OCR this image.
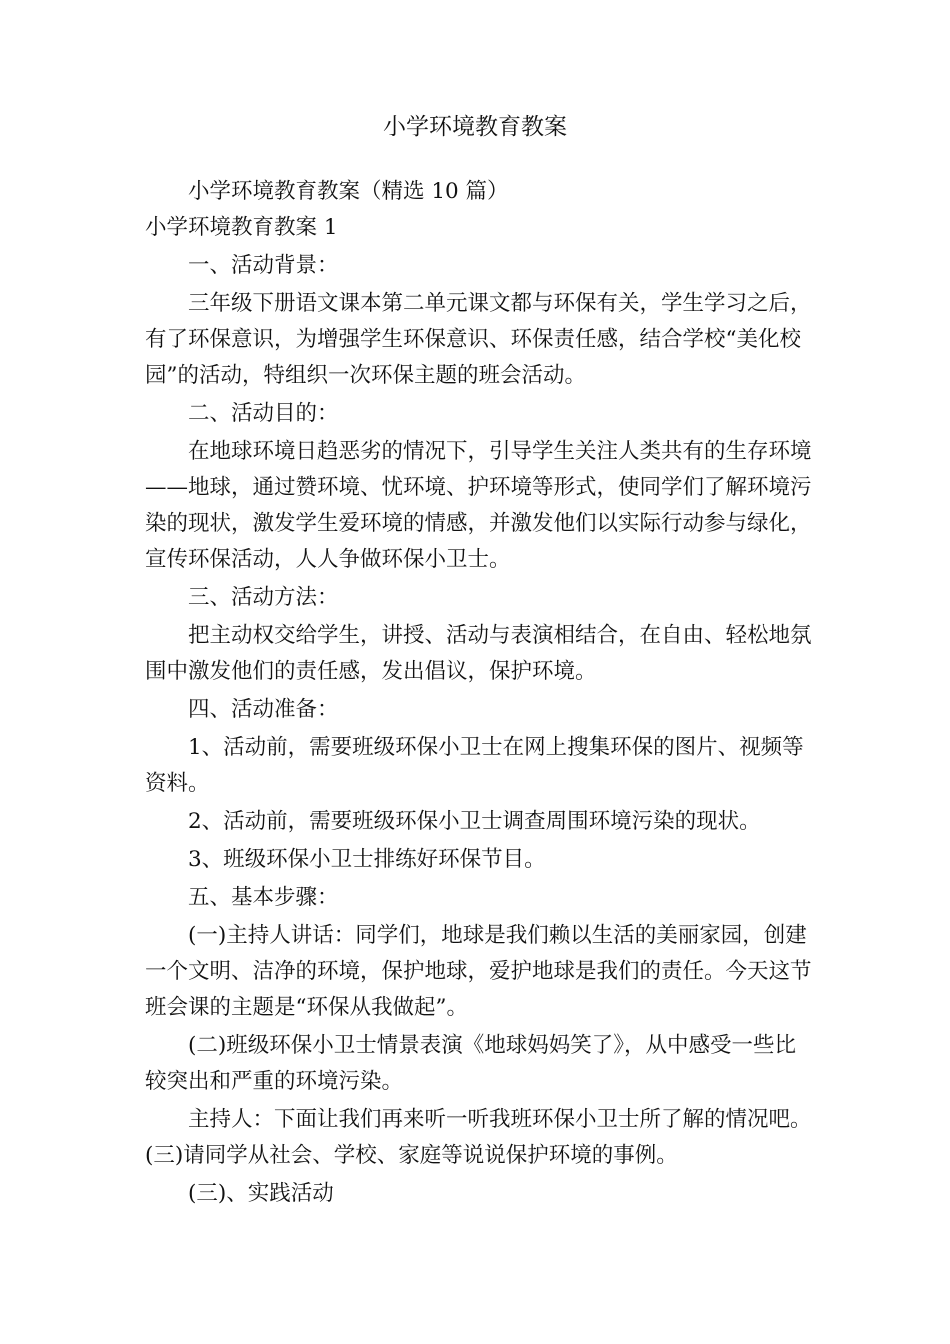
小学环境教育教案

小学环境教育教案（精选 10 篇）

小学环境教育教案 1

一、活动背景：

三年级下册语文课本第二单元课文都与环保有关，学生学习之后，有了环保意识，为增强学生环保意识、环保责任感，结合学校“美化校园”的活动，特组织一次环保主题的班会活动。

二、活动目的：

在地球环境日趋恶劣的情况下，引导学生关注人类共有的生存环境——地球，通过赞环境、忧环境、护环境等形式，使同学们了解环境污染的现状，激发学生爱环境的情感，并激发他们以实际行动参与绿化，宣传环保活动，人人争做环保小卫士。

三、活动方法：

把主动权交给学生，讲授、活动与表演相结合，在自由、轻松地氛围中激发他们的责任感，发出倡议，保护环境。

四、活动准备：

1、活动前，需要班级环保小卫士在网上搜集环保的图片、视频等资料。

2、活动前，需要班级环保小卫士调查周围环境污染的现状。

3、班级环保小卫士排练好环保节目。

五、基本步骤：

(一)主持人讲话：同学们，地球是我们赖以生活的美丽家园，创建一个文明、洁净的环境，保护地球，爱护地球是我们的责任。今天这节班会课的主题是“环保从我做起”。

(二)班级环保小卫士情景表演《地球妈妈笑了》，从中感受一些比较突出和严重的环境污染。

主持人：下面让我们再来听一听我班环保小卫士所了解的情况吧。

(三)请同学从社会、学校、家庭等说说保护环境的事例。

(三)、实践活动
